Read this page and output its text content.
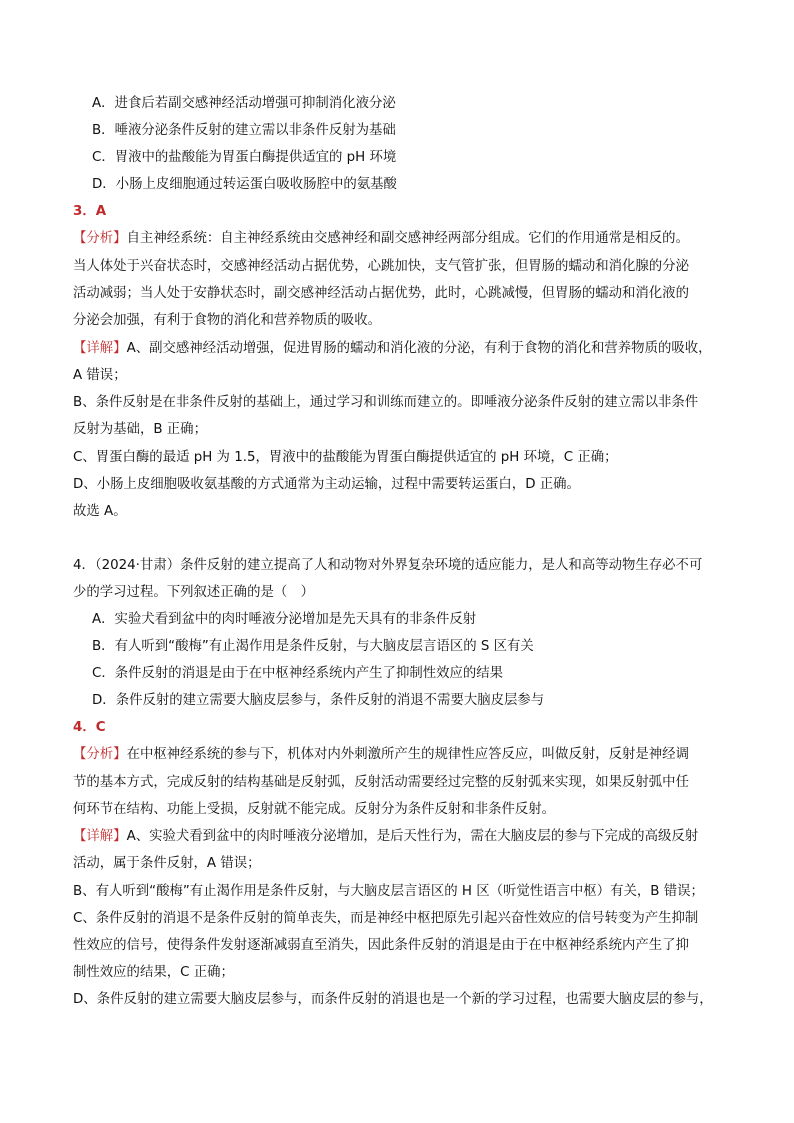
A．进食后若副交感神经活动增强可抑制消化液分泌
B．唾液分泌条件反射的建立需以非条件反射为基础
C．胃液中的盐酸能为胃蛋白酶提供适宜的 pH 环境
D．小肠上皮细胞通过转运蛋白吸收肠腔中的氨基酸
3．A
【分析】自主神经系统：自主神经系统由交感神经和副交感神经两部分组成。它们的作用通常是相反的。
当人体处于兴奋状态时，交感神经活动占据优势，心跳加快，支气管扩张，但胃肠的蠕动和消化腺的分泌
活动减弱；当人处于安静状态时，副交感神经活动占据优势，此时，心跳减慢，但胃肠的蠕动和消化液的
分泌会加强，有利于食物的消化和营养物质的吸收。
【详解】A、副交感神经活动增强，促进胃肠的蠕动和消化液的分泌，有利于食物的消化和营养物质的吸收，
A 错误；
B、条件反射是在非条件反射的基础上，通过学习和训练而建立的。即唾液分泌条件反射的建立需以非条件
反射为基础，B 正确；
C、胃蛋白酶的最适 pH 为 1.5，胃液中的盐酸能为胃蛋白酶提供适宜的 pH 环境，C 正确；
D、小肠上皮细胞吸收氨基酸的方式通常为主动运输，过程中需要转运蛋白，D 正确。
故选 A。
4．（2024·甘肃）条件反射的建立提高了人和动物对外界复杂环境的适应能力，是人和高等动物生存必不可
少的学习过程。下列叙述正确的是（　）
A．实验犬看到盆中的肉时唾液分泌增加是先天具有的非条件反射
B．有人听到“酸梅”有止渴作用是条件反射，与大脑皮层言语区的 S 区有关
C．条件反射的消退是由于在中枢神经系统内产生了抑制性效应的结果
D．条件反射的建立需要大脑皮层参与，条件反射的消退不需要大脑皮层参与
4．C
【分析】在中枢神经系统的参与下，机体对内外刺激所产生的规律性应答反应，叫做反射，反射是神经调
节的基本方式，完成反射的结构基础是反射弧，反射活动需要经过完整的反射弧来实现，如果反射弧中任
何环节在结构、功能上受损，反射就不能完成。反射分为条件反射和非条件反射。
【详解】A、实验犬看到盆中的肉时唾液分泌增加，是后天性行为，需在大脑皮层的参与下完成的高级反射
活动，属于条件反射，A 错误；
B、有人听到“酸梅”有止渴作用是条件反射，与大脑皮层言语区的 H 区（听觉性语言中枢）有关，B 错误；
C、条件反射的消退不是条件反射的简单丧失，而是神经中枢把原先引起兴奋性效应的信号转变为产生抑制
性效应的信号，使得条件发射逐渐减弱直至消失，因此条件反射的消退是由于在中枢神经系统内产生了抑
制性效应的结果，C 正确；
D、条件反射的建立需要大脑皮层参与，而条件反射的消退也是一个新的学习过程，也需要大脑皮层的参与，
